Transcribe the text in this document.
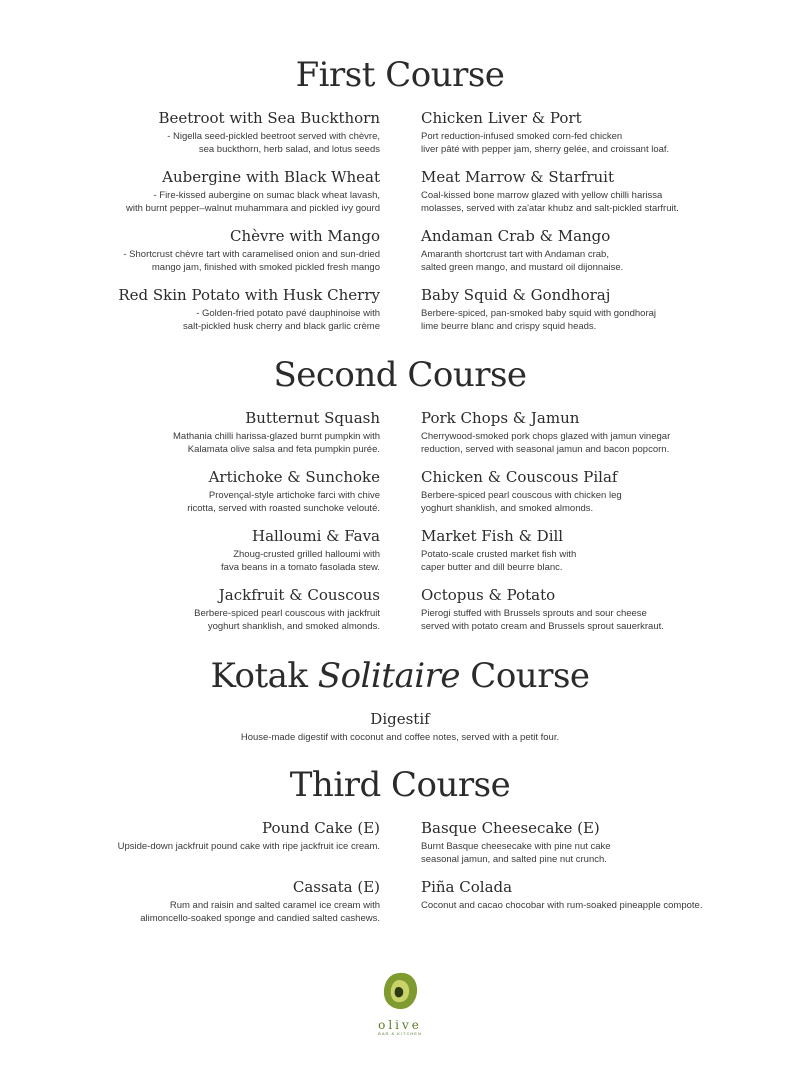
First Course
Beetroot with Sea Buckthorn
- Nigella seed-pickled beetroot served with chèvre,
sea buckthorn, herb salad, and lotus seeds
Aubergine with Black Wheat
- Fire-kissed aubergine on sumac black wheat lavash,
with burnt pepper–walnut muhammara and pickled ivy gourd
Chèvre with Mango
- Shortcrust chèvre tart with caramelised onion and sun-dried
mango jam, finished with smoked pickled fresh mango
Red Skin Potato with Husk Cherry
- Golden-fried potato pavé dauphinoise with
salt-pickled husk cherry and black garlic crème
Chicken Liver & Port
Port reduction-infused smoked corn-fed chicken
liver pâté with pepper jam, sherry gelée, and croissant loaf.
Meat Marrow & Starfruit
Coal-kissed bone marrow glazed with yellow chilli harissa
molasses, served with za'atar khubz and salt-pickled starfruit.
Andaman Crab & Mango
Amaranth shortcrust tart with Andaman crab,
salted green mango, and mustard oil dijonnaise.
Baby Squid & Gondhoraj
Berbere-spiced, pan-smoked baby squid with gondhoraj
lime beurre blanc and crispy squid heads.
Second Course
Butternut Squash
Mathania chilli harissa-glazed burnt pumpkin with
Kalamata olive salsa and feta pumpkin purée.
Artichoke & Sunchoke
Provençal-style artichoke farci with chive
ricotta, served with roasted sunchoke velouté.
Halloumi & Fava
Zhoug-crusted grilled halloumi with
fava beans in a tomato fasolada stew.
Jackfruit & Couscous
Berbere-spiced pearl couscous with jackfruit
yoghurt shanklish, and smoked almonds.
Pork Chops & Jamun
Cherrywood-smoked pork chops glazed with jamun vinegar
reduction, served with seasonal jamun and bacon popcorn.
Chicken & Couscous Pilaf
Berbere-spiced pearl couscous with chicken leg
yoghurt shanklish, and smoked almonds.
Market Fish & Dill
Potato-scale crusted market fish with
caper butter and dill beurre blanc.
Octopus & Potato
Pierogi stuffed with Brussels sprouts and sour cheese
served with potato cream and Brussels sprout sauerkraut.
Kotak Solitaire Course
Digestif
House-made digestif with coconut and coffee notes, served with a petit four.
Third Course
Pound Cake (E)
Upside-down jackfruit pound cake with ripe jackfruit ice cream.
Cassata (E)
Rum and raisin and salted caramel ice cream with
alimoncello-soaked sponge and candied salted cashews.
Basque Cheesecake (E)
Burnt Basque cheesecake with pine nut cake
seasonal jamun, and salted pine nut crunch.
Piña Colada
Coconut and cacao chocobar with rum-soaked pineapple compote.
olive
BAR & KITCHEN
